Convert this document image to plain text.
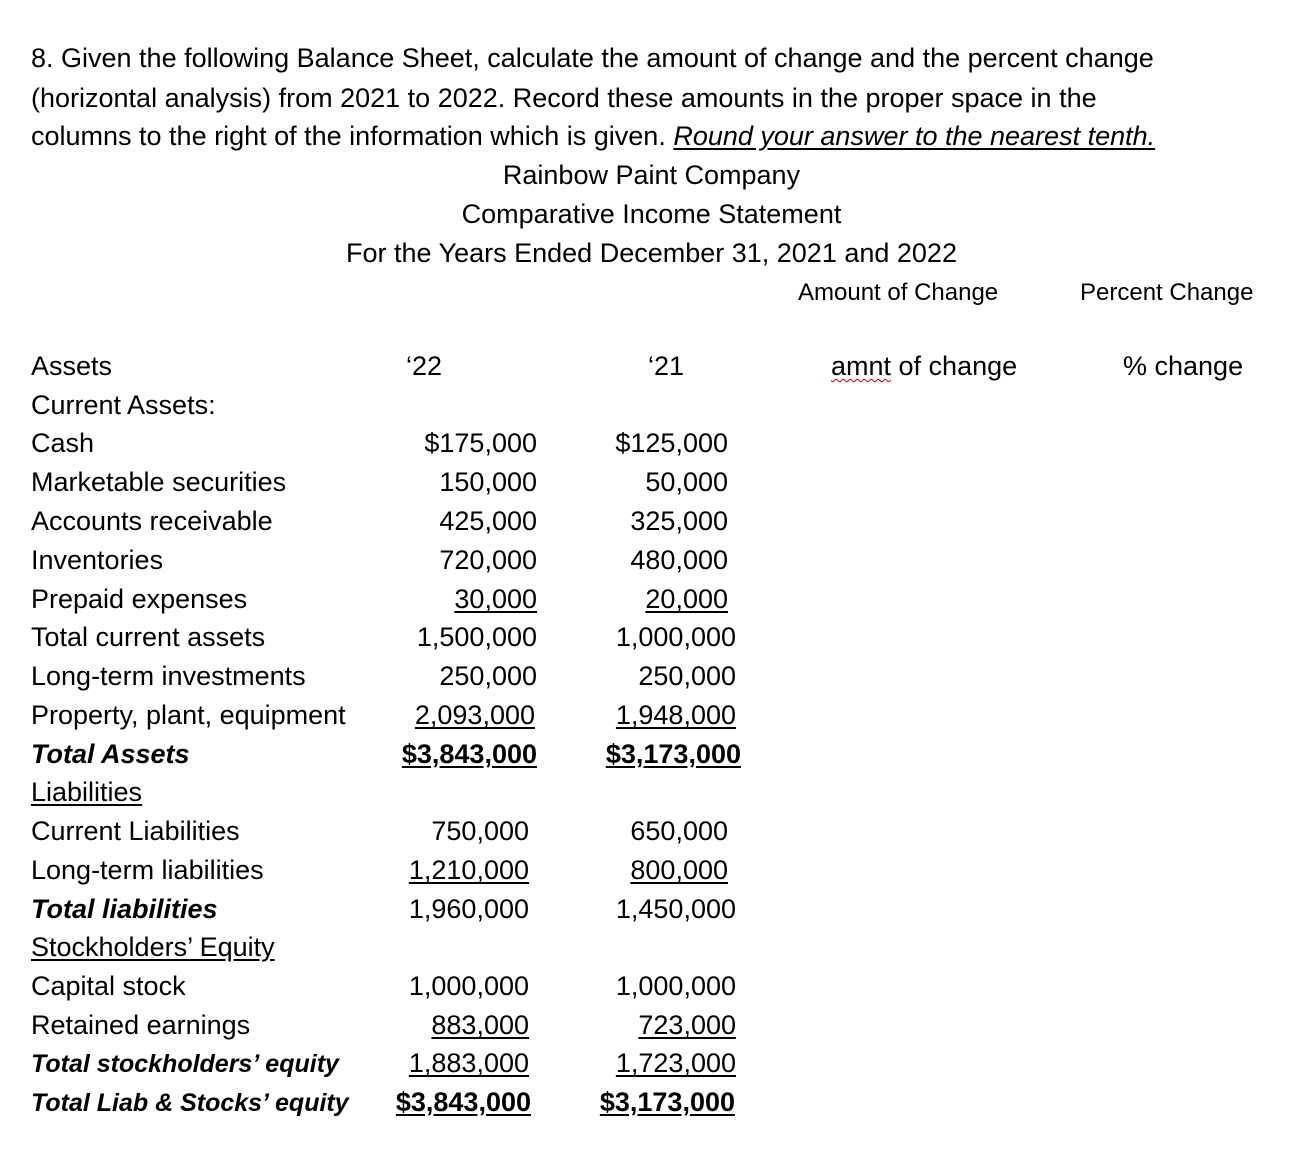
8. Given the following Balance Sheet, calculate the amount of change and the percent change
(horizontal analysis) from 2021 to 2022. Record these amounts in the proper space in the
columns to the right of the information which is given. Round your answer to the nearest tenth.
Rainbow Paint Company
Comparative Income Statement
For the Years Ended December 31, 2021 and 2022
Amount of Change	Percent Change
Assets	‘22	‘21	amnt of change	% change
Current Assets:
Cash	$175,000	$125,000
Marketable securities	150,000	50,000
Accounts receivable	425,000	325,000
Inventories	720,000	480,000
Prepaid expenses	30,000	20,000
Total current assets	1,500,000	1,000,000
Long-term investments	250,000	250,000
Property, plant, equipment	2,093,000	1,948,000
Total Assets	$3,843,000	$3,173,000
Liabilities
Current Liabilities	750,000	650,000
Long-term liabilities	1,210,000	800,000
Total liabilities	1,960,000	1,450,000
Stockholders’ Equity
Capital stock	1,000,000	1,000,000
Retained earnings	883,000	723,000
Total stockholders’ equity	1,883,000	1,723,000
Total Liab & Stocks’ equity $3,843,000	$3,173,000
